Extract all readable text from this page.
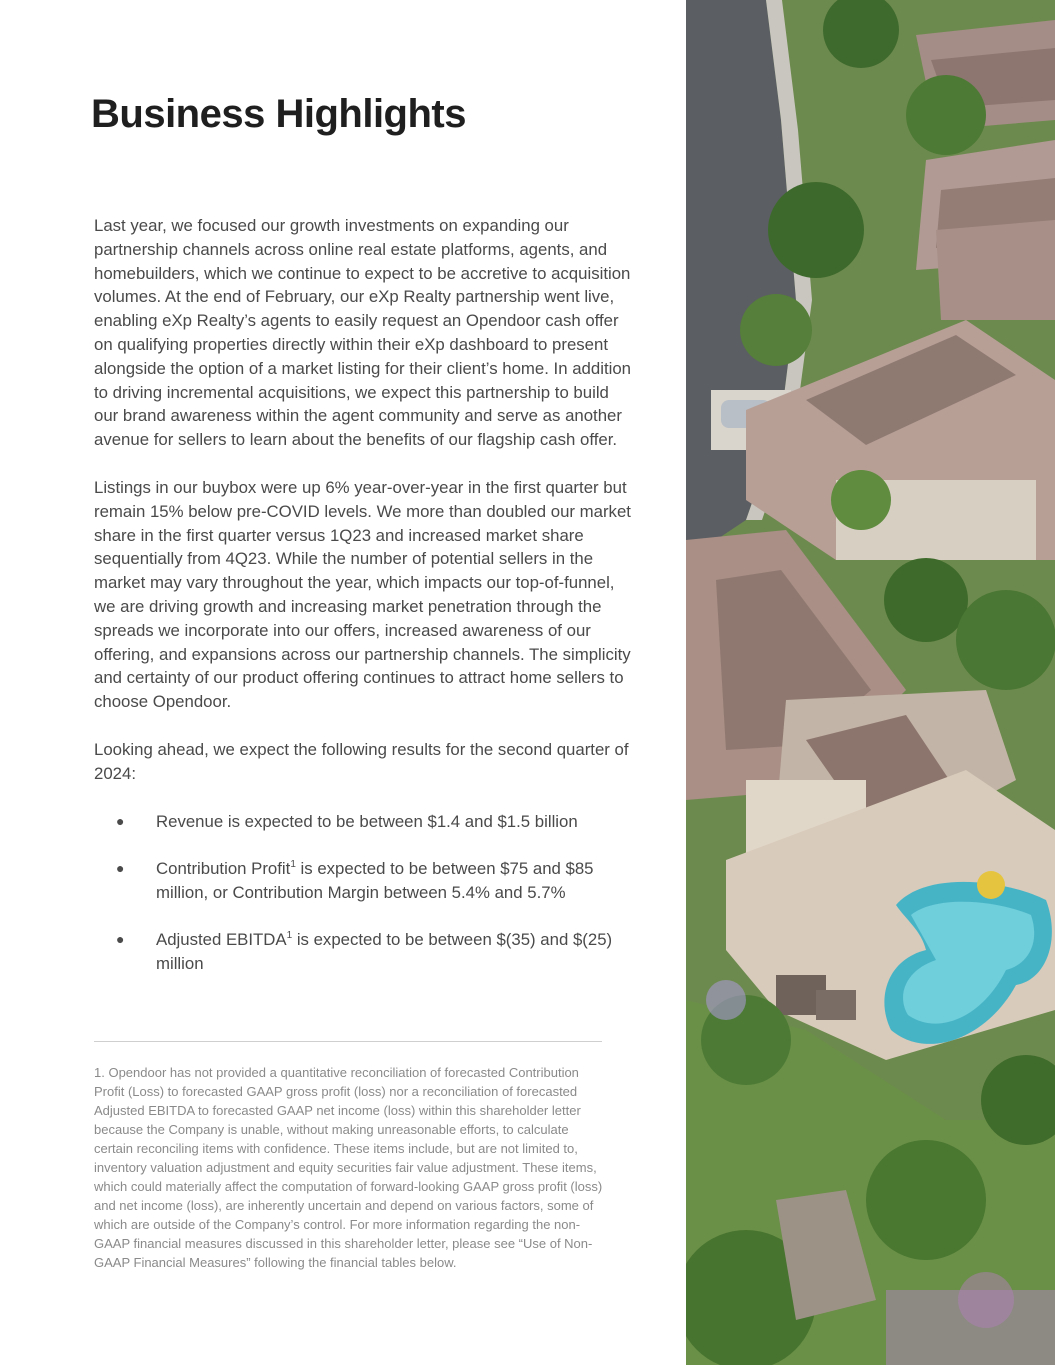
Business Highlights

Last year, we focused our growth investments on expanding our partnership channels across online real estate platforms, agents, and homebuilders, which we continue to expect to be accretive to acquisition volumes. At the end of February, our eXp Realty partnership went live, enabling eXp Realty’s agents to easily request an Opendoor cash offer on qualifying properties directly within their eXp dashboard to present alongside the option of a market listing for their client’s home. In addition to driving incremental acquisitions, we expect this partnership to build our brand awareness within the agent community and serve as another avenue for sellers to learn about the benefits of our flagship cash offer.

Listings in our buybox were up 6% year-over-year in the first quarter but remain 15% below pre-COVID levels. We more than doubled our market share in the first quarter versus 1Q23 and increased market share sequentially from 4Q23. While the number of potential sellers in the market may vary throughout the year, which impacts our top-of-funnel, we are driving growth and increasing market penetration through the spreads we incorporate into our offers, increased awareness of our offering, and expansions across our partnership channels. The simplicity and certainty of our product offering continues to attract home sellers to choose Opendoor.

Looking ahead, we expect the following results for the second quarter of 2024:

● Revenue is expected to be between $1.4 and $1.5 billion
● Contribution Profit$^1$ is expected to be between $75 and $85 million, or Contribution Margin between 5.4% and 5.7%
● Adjusted EBITDA$^1$ is expected to be between $(35) and $(25) million

1. Opendoor has not provided a quantitative reconciliation of forecasted Contribution Profit (Loss) to forecasted GAAP gross profit (loss) nor a reconciliation of forecasted Adjusted EBITDA to forecasted GAAP net income (loss) within this shareholder letter because the Company is unable, without making unreasonable efforts, to calculate certain reconciling items with confidence. These items include, but are not limited to, inventory valuation adjustment and equity securities fair value adjustment. These items, which could materially affect the computation of forward-looking GAAP gross profit (loss) and net income (loss), are inherently uncertain and depend on various factors, some of which are outside of the Company’s control. For more information regarding the non-GAAP financial measures discussed in this shareholder letter, please see “Use of Non-GAAP Financial Measures” following the financial tables below.
